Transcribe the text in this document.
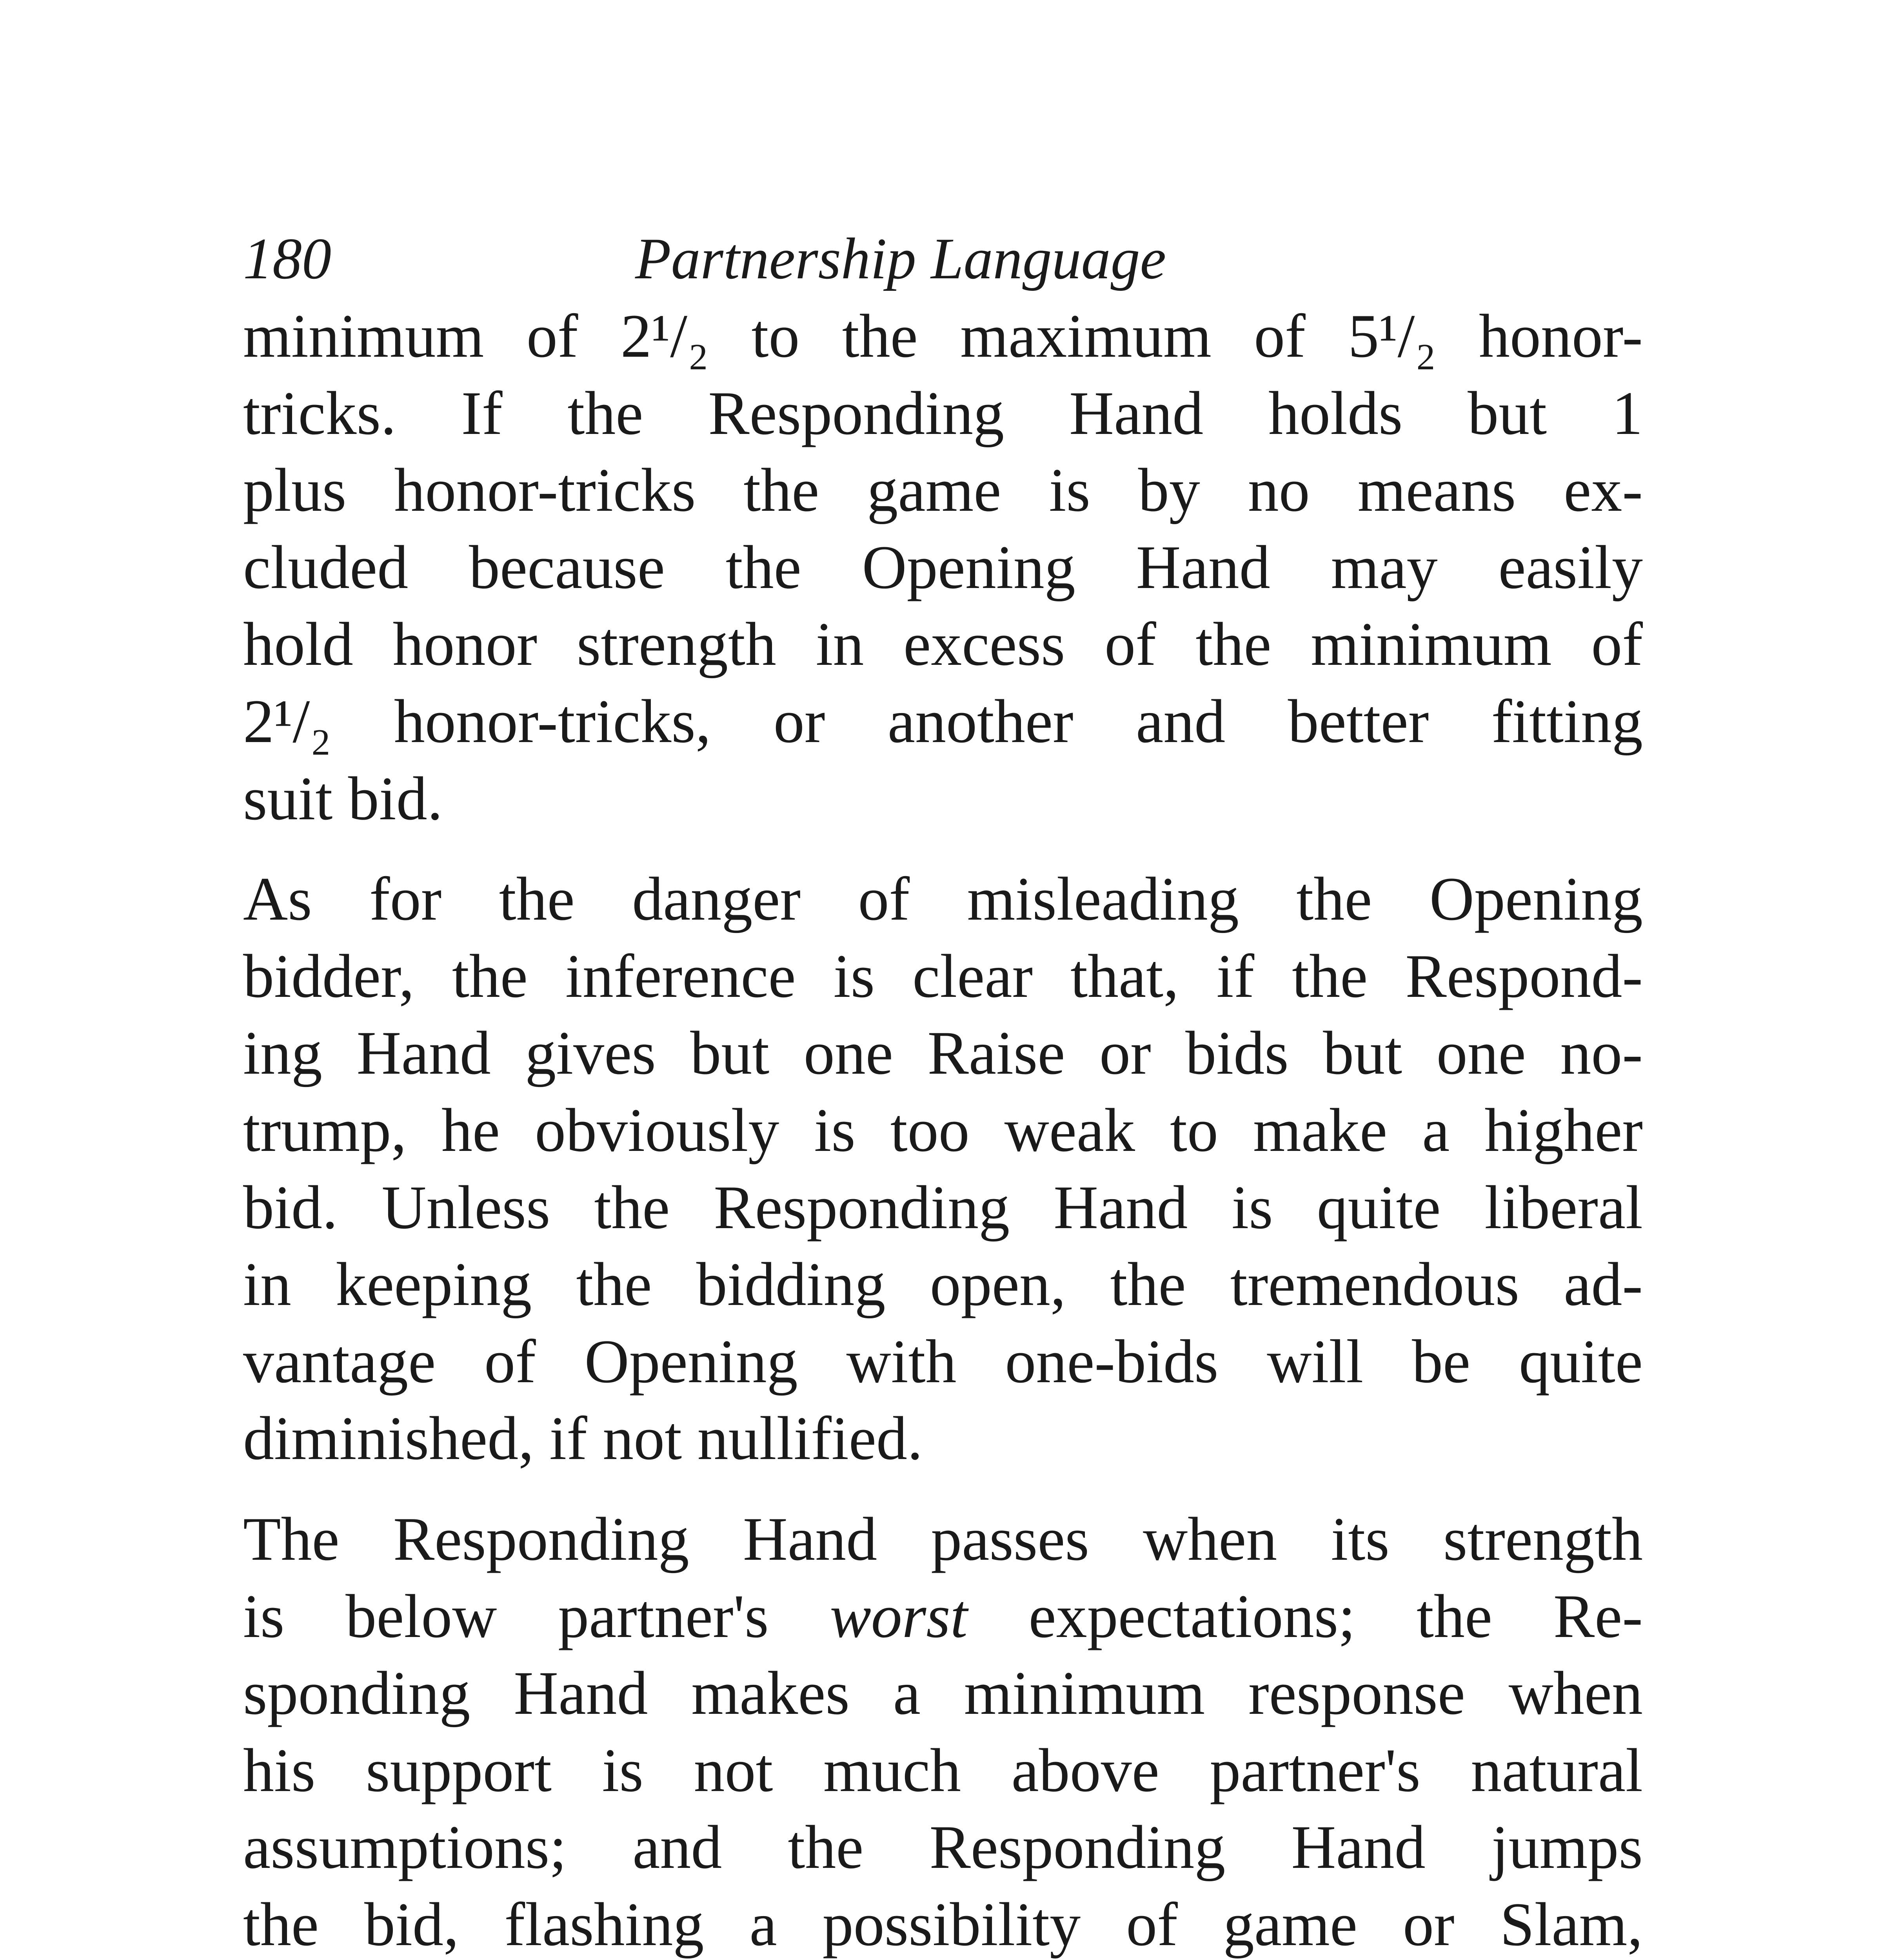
180	Partnership Language

minimum of 2¹/₂ to the maximum of 5¹/₂ honor-
tricks. If the Responding Hand holds but 1
plus honor-tricks the game is by no means ex-
cluded because the Opening Hand may easily
hold honor strength in excess of the minimum of
2¹/₂ honor-tricks, or another and better fitting
suit bid.

As for the danger of misleading the Opening
bidder, the inference is clear that, if the Respond-
ing Hand gives but one Raise or bids but one no-
trump, he obviously is too weak to make a higher
bid. Unless the Responding Hand is quite liberal
in keeping the bidding open, the tremendous ad-
vantage of Opening with one-bids will be quite
diminished, if not nullified.

The Responding Hand passes when its strength
is below partner's worst expectations; the Re-
sponding Hand makes a minimum response when
his support is not much above partner's natural
assumptions; and the Responding Hand jumps
the bid, flashing a possibility of game or Slam,
